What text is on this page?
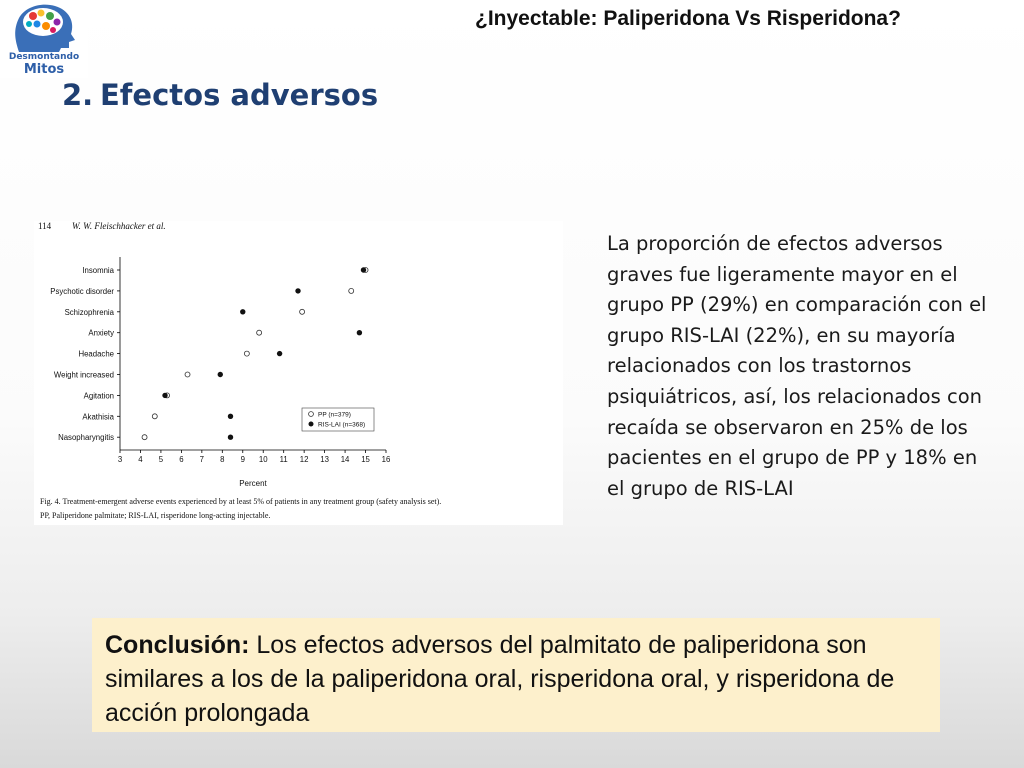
Desmontando
Mitos
¿Inyectable: Paliperidona Vs Risperidona?
2. Efectos adversos
114 W. W. Fleischhacker et al.
Insomnia
Psychotic disorder
Schizophrenia
Anxiety
Headache
Weight increased
Agitation
Akathisia
Nasopharyngitis
3 4 5 6 7 8 9 10 11 12 13 14 15 16
Percent
PP (n=379)
RIS-LAI (n=368)
Fig. 4. Treatment-emergent adverse events experienced by at least 5% of patients in any treatment group (safety analysis set).
PP, Paliperidone palmitate; RIS-LAI, risperidone long-acting injectable.
La proporción de efectos adversos graves fue ligeramente mayor en el grupo PP (29%) en comparación con el grupo RIS-LAI (22%), en su mayoría relacionados con los trastornos psiquiátricos, así, los relacionados con recaída se observaron en 25% de los pacientes en el grupo de PP y 18% en el grupo de RIS-LAI
Conclusión: Los efectos adversos del palmitato de paliperidona son similares a los de la paliperidona oral, risperidona oral, y risperidona de acción prolongada
